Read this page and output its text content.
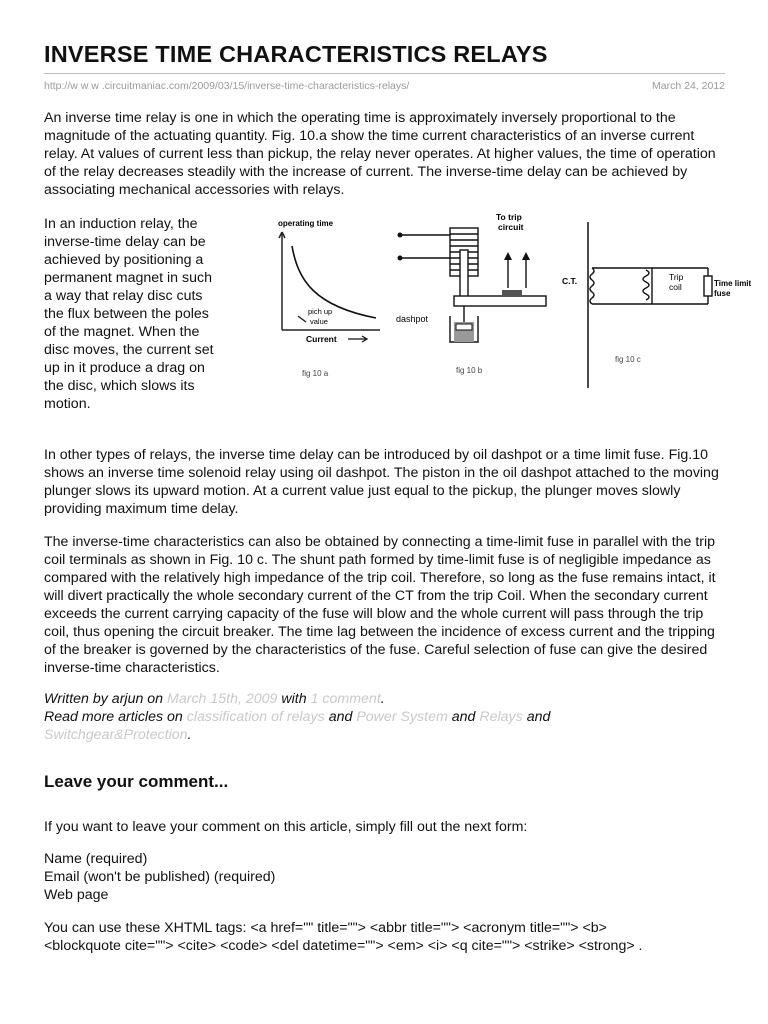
INVERSE TIME CHARACTERISTICS RELAYS
http://w w w .circuitmaniac.com/2009/03/15/inverse-time-characteristics-relays/	March 24, 2012

An inverse time relay is one in which the operating time is approximately inversely proportional to the magnitude of the actuating quantity. Fig. 10.a show the time current characteristics of an inverse current relay. At values of current less than pickup, the relay never operates. At higher values, the time of operation of the relay decreases steadily with the increase of current. The inverse-time delay can be achieved by associating mechanical accessories with relays.

In an induction relay, the inverse-time delay can be achieved by positioning a permanent magnet in such a way that relay disc cuts the flux between the poles of the magnet. When the disc moves, the current set up in it produce a drag on the disc, which slows its motion.
operating time
pich up
value
Current
fig 10 a
To trip
circuit
dashpot
fig 10 b
C.T.	Trip
coil	Time limit
fuse
fig 10 c

In other types of relays, the inverse time delay can be introduced by oil dashpot or a time limit fuse. Fig.10 shows an inverse time solenoid relay using oil dashpot. The piston in the oil dashpot attached to the moving plunger slows its upward motion. At a current value just equal to the pickup, the plunger moves slowly providing maximum time delay.

The inverse-time characteristics can also be obtained by connecting a time-limit fuse in parallel with the trip coil terminals as shown in Fig. 10 c. The shunt path formed by time-limit fuse is of negligible impedance as compared with the relatively high impedance of the trip coil. Therefore, so long as the fuse remains intact, it will divert practically the whole secondary current of the CT from the trip Coil. When the secondary current exceeds the current carrying capacity of the fuse will blow and the whole current will pass through the trip coil, thus opening the circuit breaker. The time lag between the incidence of excess current and the tripping of the breaker is governed by the characteristics of the fuse. Careful selection of fuse can give the desired inverse-time characteristics.

Written by arjun on March 15th, 2009 with 1 comment.
Read more articles on classification of relays and Power System and Relays and
Switchgear&Protection.
Leave your comment...

If you want to leave your comment on this article, simply fill out the next form:

Name (required)
Email (won't be published) (required)
Web page

You can use these XHTML tags: <a href="" title=""> <abbr title=""> <acronym title=""> <b>

<blockquote cite=""> <cite> <code> <del datetime=""> <em> <i> <q cite=""> <strike> <strong> .
